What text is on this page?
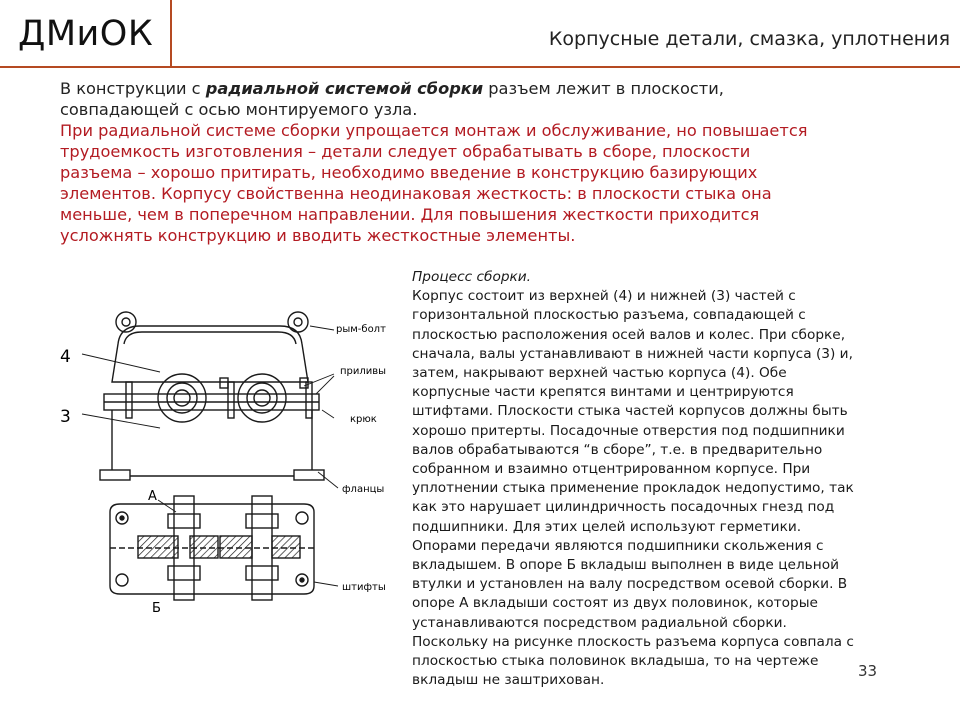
ДМиОК	Корпусные детали, смазка, уплотнения
В конструкции с радиальной системой сборки разъем лежит в плоскости,
совпадающей с осью монтируемого узла.
При радиальной системе сборки упрощается монтаж и обслуживание, но повышается
трудоемкость изготовления – детали следует обрабатывать в сборе, плоскости
разъема – хорошо притирать, необходимо введение в конструкцию базирующих
элементов. Корпусу свойственна неодинаковая жесткость: в плоскости стыка она
меньше, чем в поперечном направлении. Для повышения жесткости приходится
усложнять конструкцию и вводить жесткостные элементы.
4
3
А
Б
рым-болт
приливы
крюк
фланцы
штифты
Процесс сборки.
Корпус состоит из верхней (4) и нижней (3) частей с
горизонтальной плоскостью разъема, совпадающей с
плоскостью расположения осей валов и колес. При сборке,
сначала, валы устанавливают в нижней части корпуса (3) и,
затем, накрывают верхней частью корпуса (4). Обе
корпусные части крепятся винтами и центрируются
штифтами. Плоскости стыка частей корпусов должны быть
хорошо притерты. Посадочные отверстия под подшипники
валов обрабатываются “в сборе”, т.е. в предварительно
собранном и взаимно отцентрированном корпусе. При
уплотнении стыка применение прокладок недопустимо, так
как это нарушает цилиндричность посадочных гнезд под
подшипники. Для этих целей используют герметики.
Опорами передачи являются подшипники скольжения с
вкладышем. В опоре Б вкладыш выполнен в виде цельной
втулки и установлен на валу посредством осевой сборки. В
опоре А вкладыши состоят из двух половинок, которые
устанавливаются посредством радиальной сборки.
Поскольку на рисунке плоскость разъема корпуса совпала с
плоскостью стыка половинок вкладыша, то на чертеже
вкладыш не заштрихован.
33
